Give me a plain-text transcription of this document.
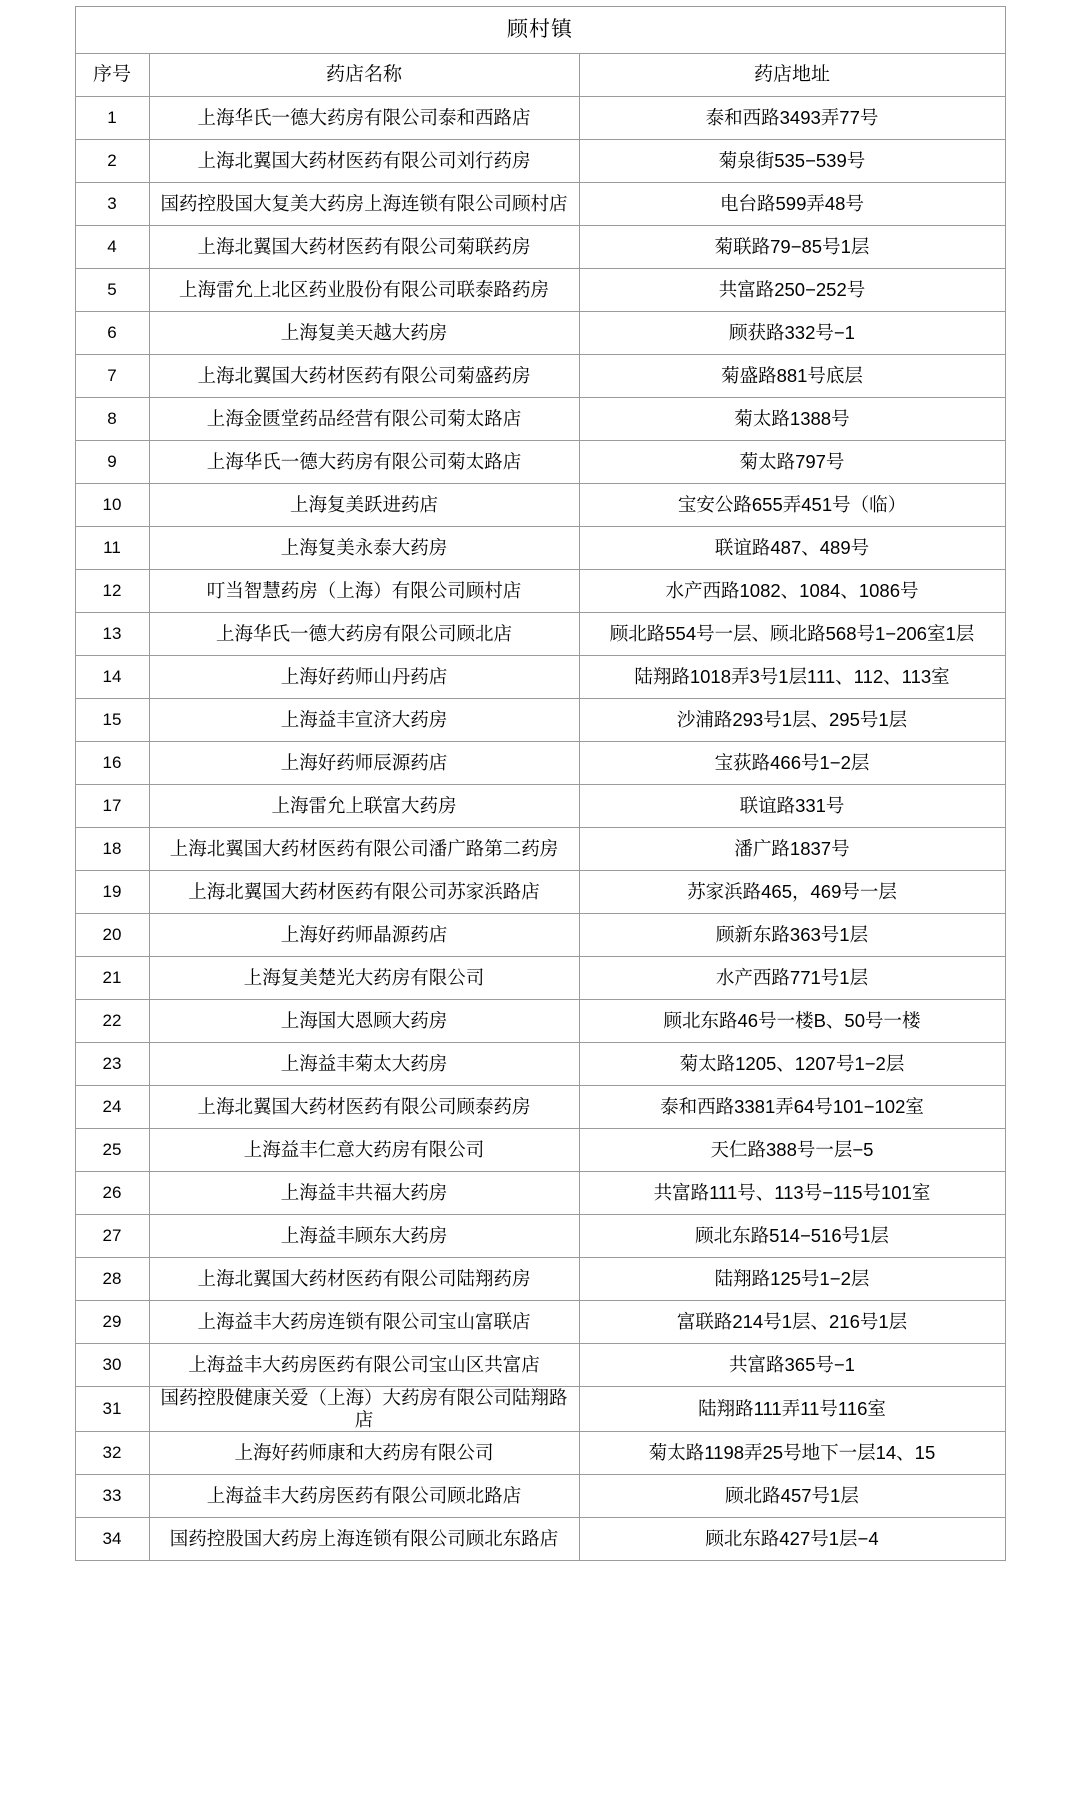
顾村镇		
序号	药店名称	药店地址
1	上海华氏一德大药房有限公司泰和西路店	泰和西路3493弄77号
2	上海北翼国大药材医药有限公司刘行药房	菊泉街535−539号
3	国药控股国大复美大药房上海连锁有限公司顾村店	电台路599弄48号
4	上海北翼国大药材医药有限公司菊联药房	菊联路79−85号1层
5	上海雷允上北区药业股份有限公司联泰路药房	共富路250−252号
6	上海复美天越大药房	顾获路332号−1
7	上海北翼国大药材医药有限公司菊盛药房	菊盛路881号底层
8	上海金匮堂药品经营有限公司菊太路店	菊太路1388号
9	上海华氏一德大药房有限公司菊太路店	菊太路797号
10	上海复美跃进药店	宝安公路655弄451号（临）
11	上海复美永泰大药房	联谊路487、489号
12	叮当智慧药房（上海）有限公司顾村店	水产西路1082、1084、1086号
13	上海华氏一德大药房有限公司顾北店	顾北路554号一层、顾北路568号1−206室1层
14	上海好药师山丹药店	陆翔路1018弄3号1层111、112、113室
15	上海益丰宣济大药房	沙浦路293号1层、295号1层
16	上海好药师辰源药店	宝荻路466号1−2层
17	上海雷允上联富大药房	联谊路331号
18	上海北翼国大药材医药有限公司潘广路第二药房	潘广路1837号
19	上海北翼国大药材医药有限公司苏家浜路店	苏家浜路465，469号一层
20	上海好药师晶源药店	顾新东路363号1层
21	上海复美楚光大药房有限公司	水产西路771号1层
22	上海国大恩顾大药房	顾北东路46号一楼B、50号一楼
23	上海益丰菊太大药房	菊太路1205、1207号1−2层
24	上海北翼国大药材医药有限公司顾泰药房	泰和西路3381弄64号101−102室
25	上海益丰仁意大药房有限公司	天仁路388号一层−5
26	上海益丰共福大药房	共富路111号、113号−115号101室
27	上海益丰顾东大药房	顾北东路514−516号1层
28	上海北翼国大药材医药有限公司陆翔药房	陆翔路125号1−2层
29	上海益丰大药房连锁有限公司宝山富联店	富联路214号1层、216号1层
30	上海益丰大药房医药有限公司宝山区共富店	共富路365号−1
31	国药控股健康关爱（上海）大药房有限公司陆翔路店	陆翔路111弄11号116室
32	上海好药师康和大药房有限公司	菊太路1198弄25号地下一层14、15
33	上海益丰大药房医药有限公司顾北路店	顾北路457号1层
34	国药控股国大药房上海连锁有限公司顾北东路店	顾北东路427号1层−4
